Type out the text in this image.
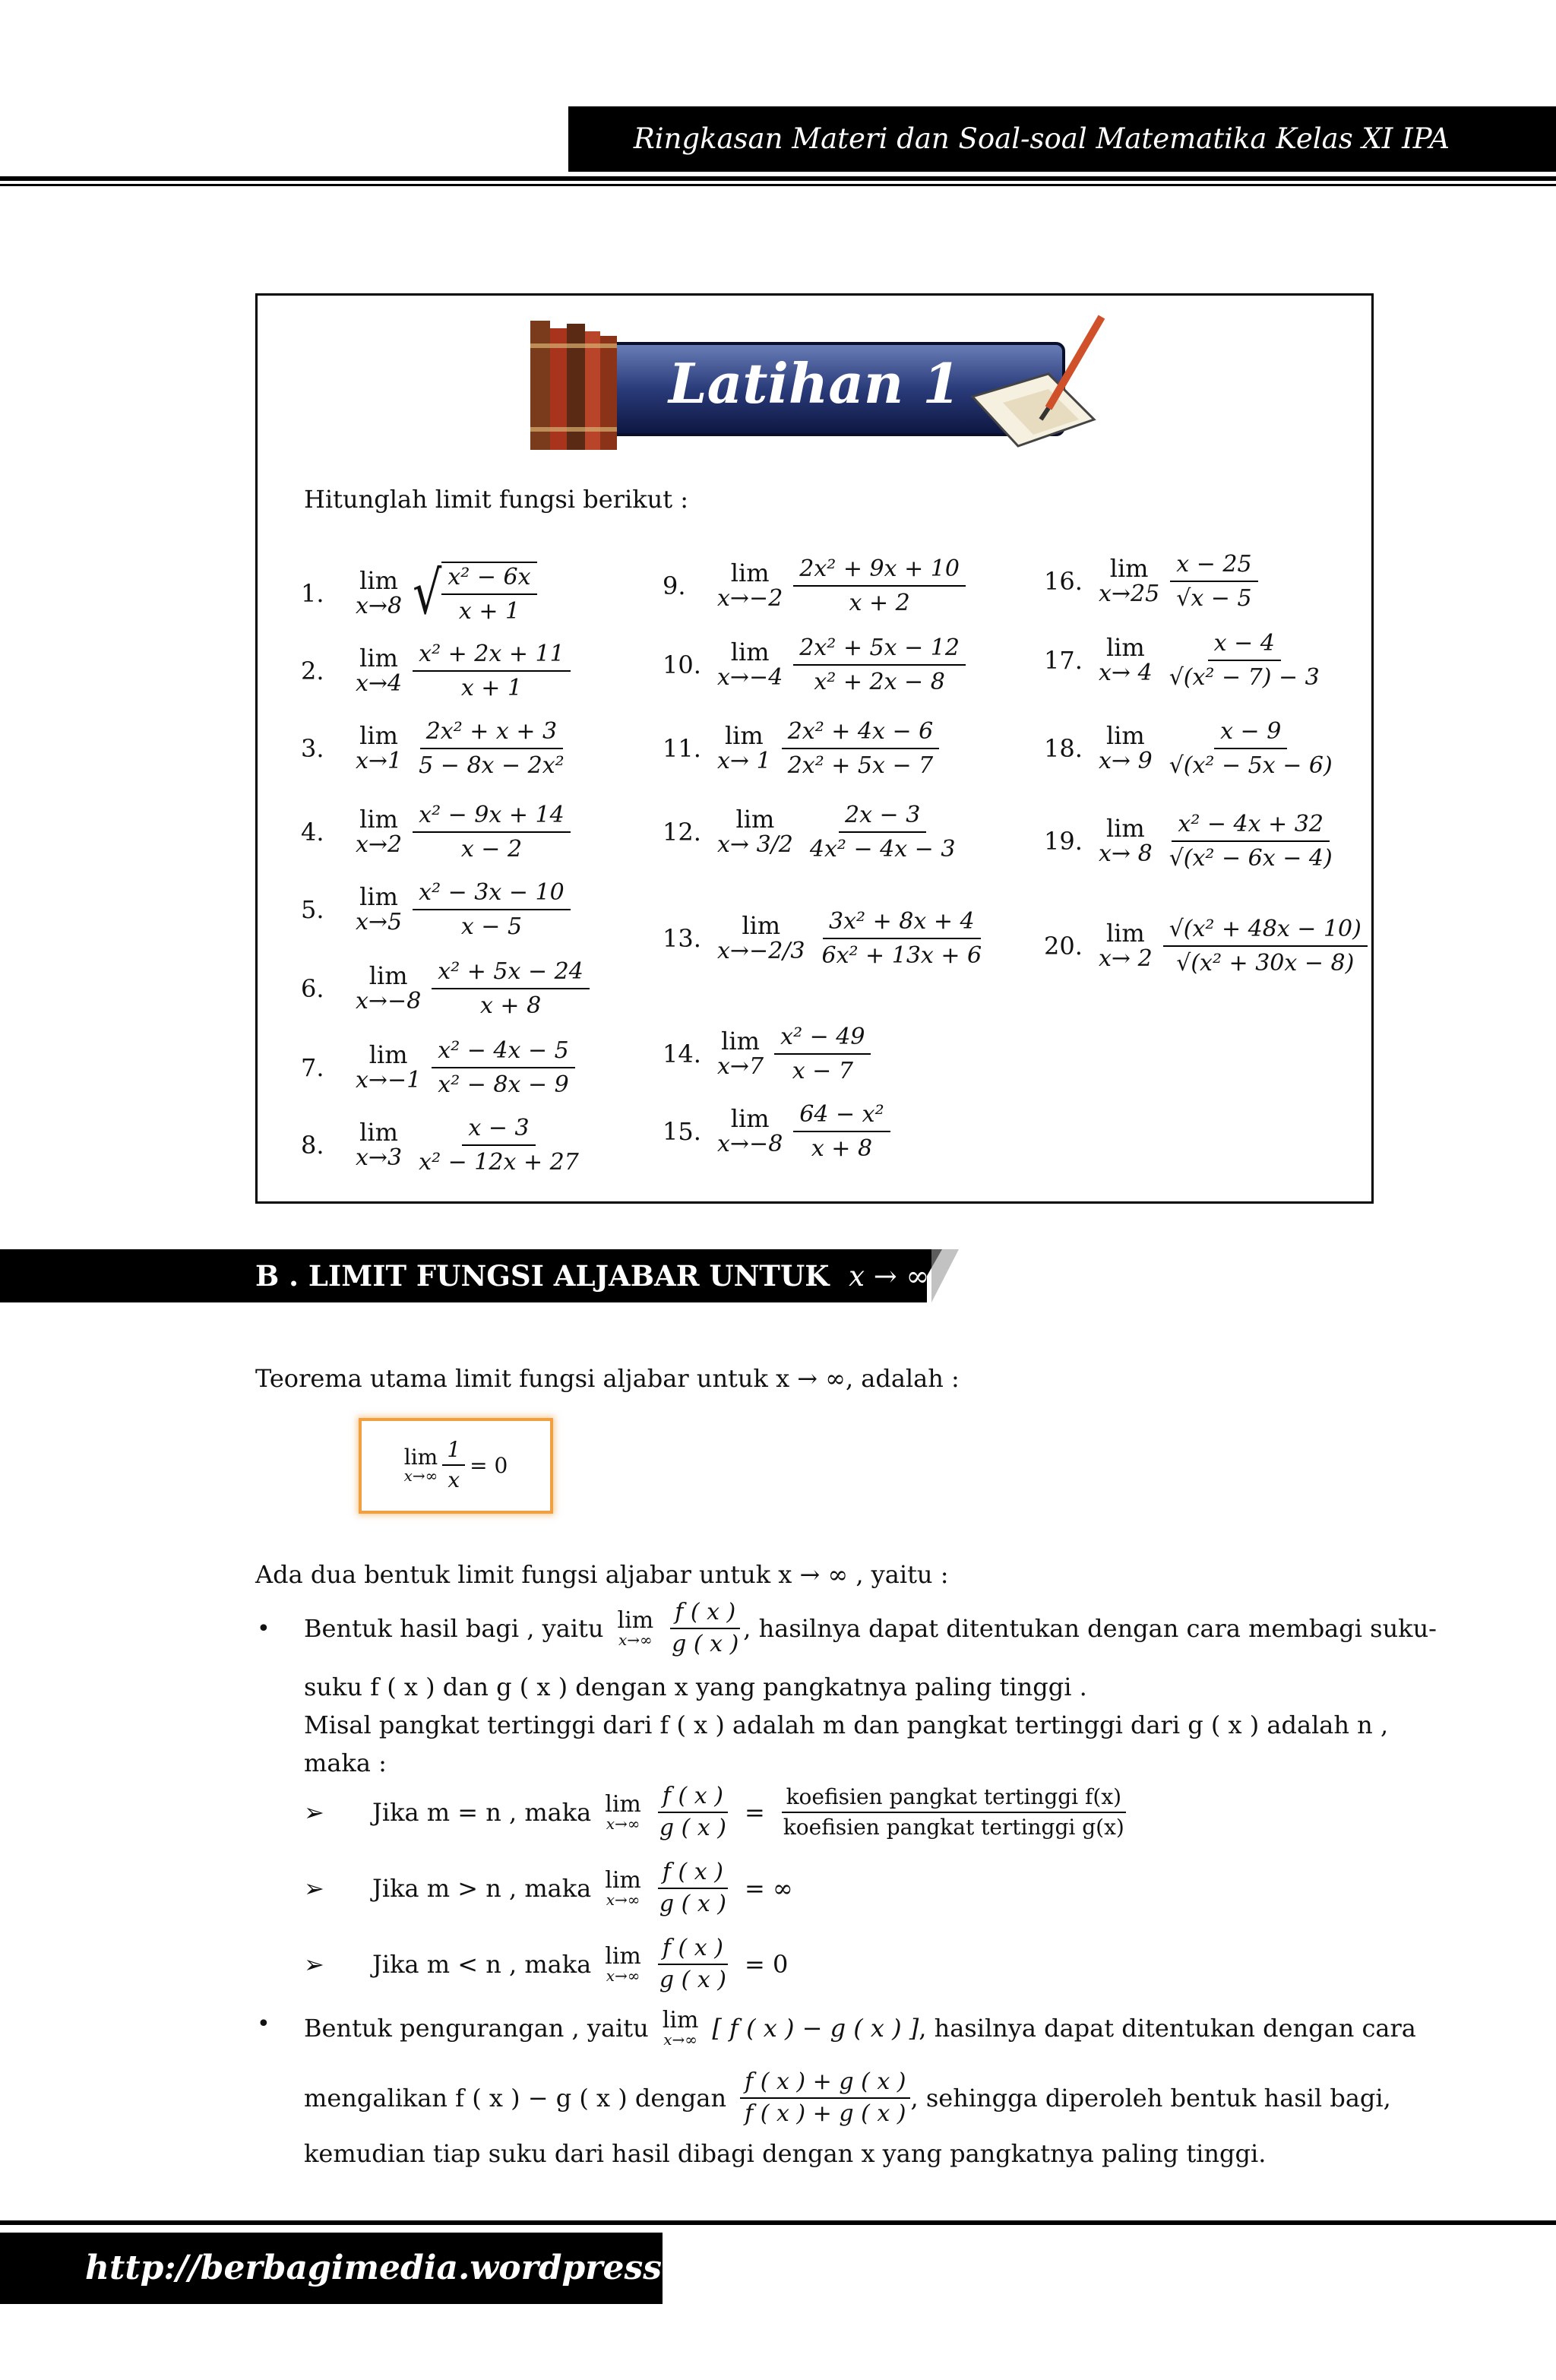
Ringkasan Materi dan Soal-soal Matematika Kelas XI IPA Semester 2
Latihan 1
Hitunglah limit fungsi berikut :
1.	lim
x→8 √ $\frac{\text{x² − 6x}}{x + 1}$
2.	lim
$x\to 4 \frac{\text{x² + 2x + 11}}{x + 1}$
3.	lim
$x\to 1 \frac{\text{2x² + x + 3}}{\text{5 − 8x − 2x²}}$
4.	lim
$x\to 2 \frac{\text{x² − 9x + 14}}{x - 2}$
5.	lim
$x\to 5 \frac{\text{x² − 3x − 10}}{x - 5}$
6.	lim
$x\to-8 \frac{\text{x² + 5x − 24}}{x + 8}$
7.	lim
$x\to-1 \frac{\text{x² − 4x − 5}}{\text{x² − 8x − 9}}$
8.	lim
$x\to 3 \frac{x - 3}{\text{x² − 12x + 27}}$
9.	lim
$x\to-2 \frac{\text{2x² + 9x + 10}}{x + 2}$
10.	lim
$x\to-4 \frac{\text{2x² + 5x − 12}}{\text{x² + 2x − 8}}$
11. lim
$x\to 1 \frac{\text{2x² + 4x − 6}}{\text{2x² + 5x − 7}}$
12.	lim
$x\to 3/2 \frac{2x - 3}{\text{4x² − 4x − 3}}$
13.	lim
$x\to-2/3 \frac{\text{3x² + 8x + 4}}{\text{6x² + 13x + 6}}$
14. lim
$x\to 7 \frac{\text{x² − 49}}{x - 7}$
15.	lim
$x\to-8 \frac{\text{64 − x²}}{x + 8}$
16.	lim
$x\to 25 \frac{x - 25}{√x - 5}$
17. lim
$x\to 4 \frac{x - 4}{\text{√(x² − 7) − 3}}$
18. lim
$x\to 9 \frac{x - 9}{\text{√(x² − 5x − 6)}}$
19. lim
$x\to 8 \frac{\text{x² − 4x + 32}}{\text{√(x² − 6x − 4)}}$
20. lim
$x\to 2 \frac{\text{√(x² + 48x − 10)}}{\text{√(x² + 30x − 8)}}$
B . LIMIT FUNGSI ALJABAR UNTUK x → ∞
Teorema utama limit fungsi aljabar untuk x → ∞, adalah :
lim
$x\to\infty \frac{1}{x} = 0$
Ada dua bentuk limit fungsi aljabar untuk x → ∞ , yaitu :
• Bentuk hasil bagi , yaitu lim
$x\to\infty \frac{f ( x )}{g ( x )}$ , hasilnya dapat ditentukan dengan cara membagi suku-
suku f ( x ) dan g ( x ) dengan x yang pangkatnya paling tinggi .
Misal pangkat tertinggi dari f ( x ) adalah m dan pangkat tertinggi dari g ( x ) adalah n ,
maka :
➢ Jika m = n , maka lim
$x\to\infty \frac{f ( x )}{g ( x )} = \frac{\text{koefisien pangkat tertinggi f(x)}}{\text{koefisien pangkat tertinggi g(x)}}$
➢ Jika m > n , maka lim
$x\to\infty \frac{f ( x )}{g ( x )}$ = ∞
➢ Jika m < n , maka lim
$x\to\infty \frac{f ( x )}{g ( x )} = 0$
• Bentuk pengurangan , yaitu lim
x→∞ [ f ( x ) − g ( x ) ] , hasilnya dapat ditentukan dengan cara
mengalikan f ( x ) − g ( x ) dengan $\frac{f ( x ) + g ( x )}{f ( x ) + g ( x )}$ , sehingga diperoleh bentuk hasil bagi,
kemudian tiap suku dari hasil dibagi dengan x yang pangkatnya paling tinggi.
http://berbagimedia.wordpress.com
